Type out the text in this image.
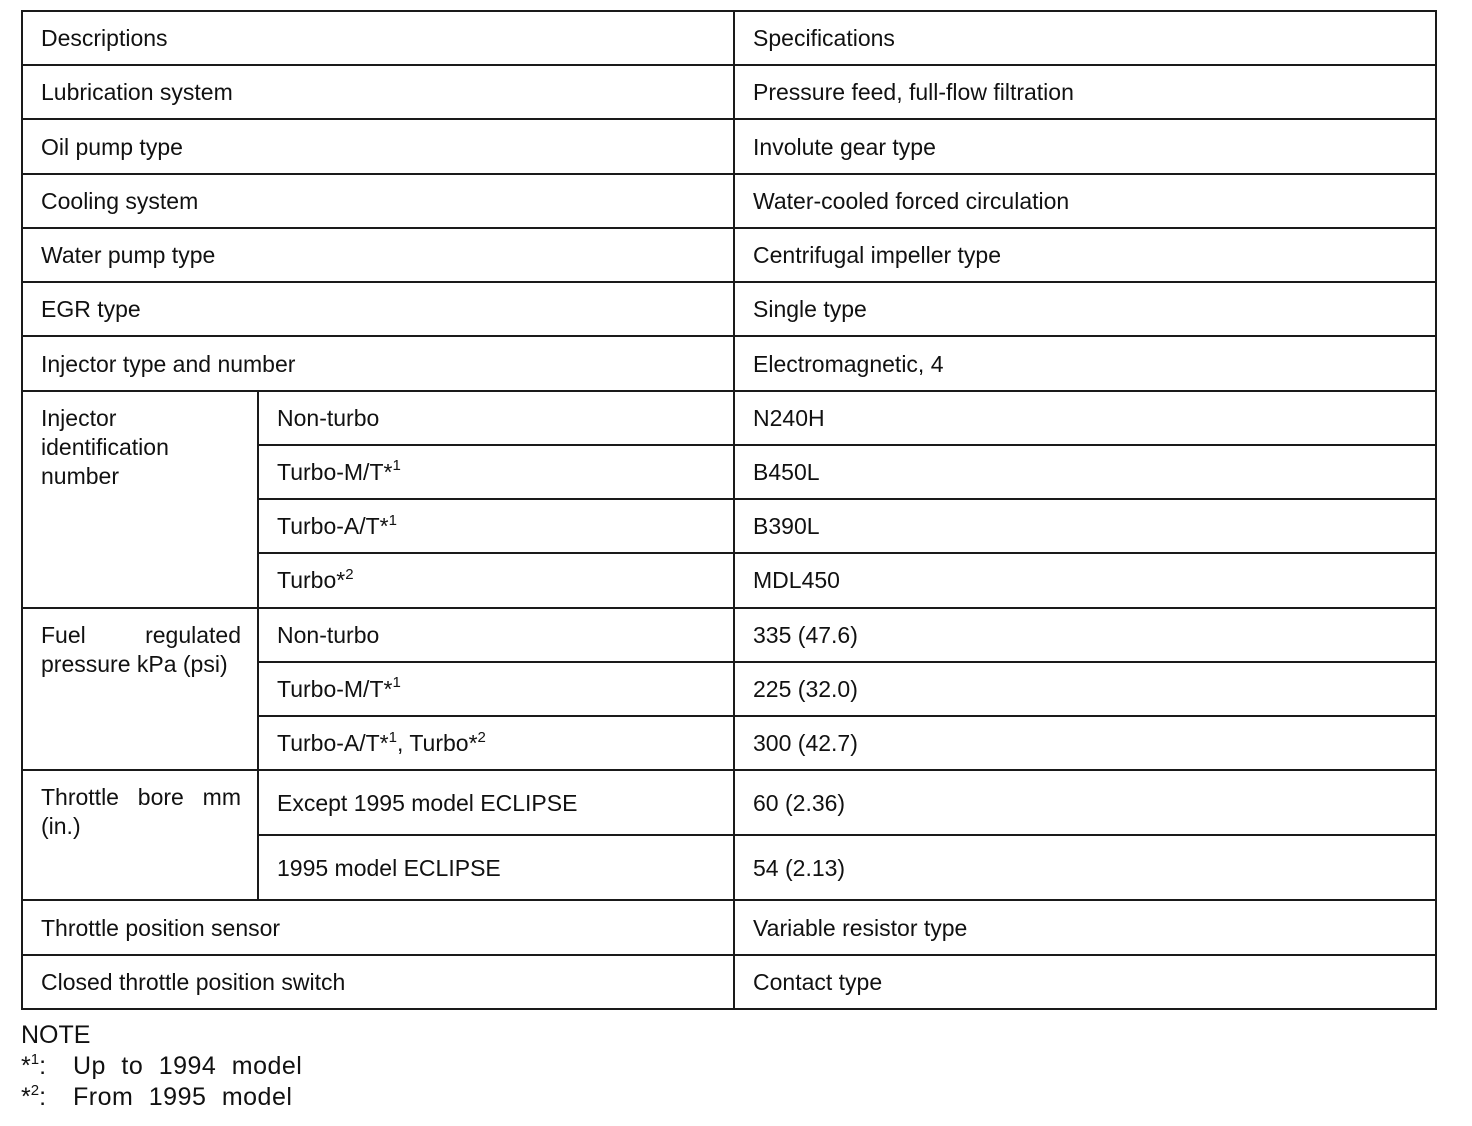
Descriptions		Specifications
Lubrication system		Pressure feed, full-flow filtration
Oil pump type		Involute gear type
Cooling system		Water-cooled forced circulation
Water pump type		Centrifugal impeller type
EGR type		Single type
Injector type and number		Electromagnetic, 4
Injector identification number	Non-turbo	N240H
	Turbo-M/T*$^1$	B450L
	Turbo-A/T*$^1$	B390L
	Turbo*$^2$	MDL450
Fuel regulated pressure kPa (psi)	Non-turbo	335 (47.6)
	Turbo-M/T*$^1$	225 (32.0)
	Turbo-A/T*$^1$, Turbo*$^2$	300 (42.7)
Throttle bore mm (in.)	Except 1995 model ECLIPSE	60 (2.36)
	1995 model ECLIPSE	54 (2.13)
Throttle position sensor		Variable resistor type
Closed throttle position switch		Contact type
NOTE
*$^1$:	Up to 1994 model
*$^2$:	From 1995 model
